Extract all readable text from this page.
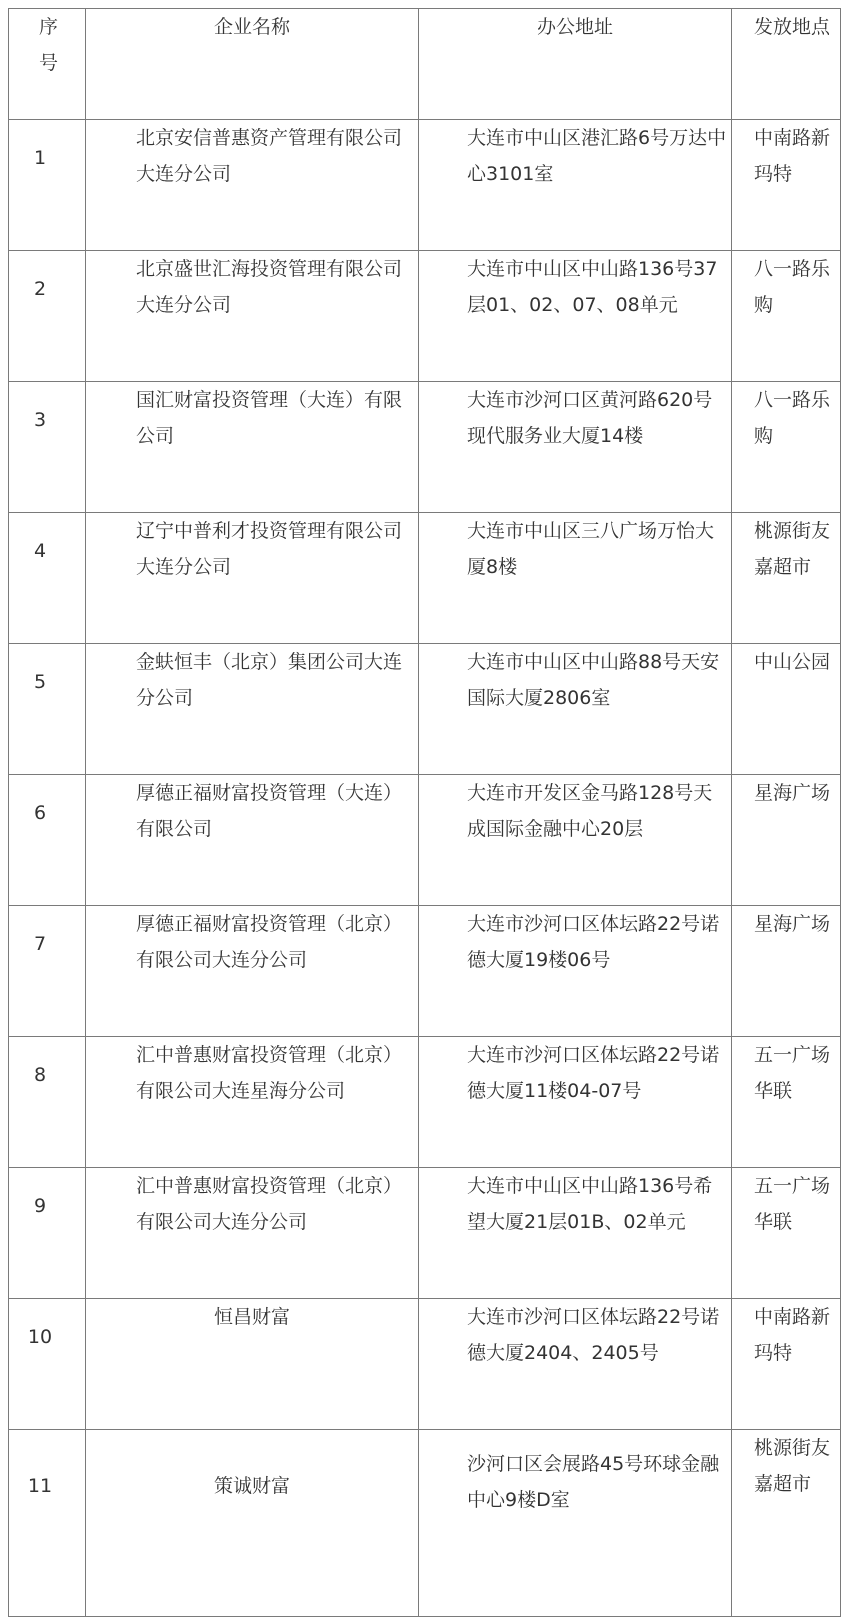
序号	企业名称	办公地址	发放地点
1	北京安信普惠资产管理有限公司大连分公司	大连市中山区港汇路6号万达中心3101室	中南路新玛特
2	北京盛世汇海投资管理有限公司大连分公司	大连市中山区中山路136号37层01、02、07、08单元	八一路乐购
3	国汇财富投资管理（大连）有限公司	大连市沙河口区黄河路620号现代服务业大厦14楼	八一路乐购
4	辽宁中普利才投资管理有限公司大连分公司	大连市中山区三八广场万怡大厦8楼	桃源街友嘉超市
5	金蚨恒丰（北京）集团公司大连分公司	大连市中山区中山路88号天安国际大厦2806室	中山公园
6	厚德正福财富投资管理（大连）有限公司	大连市开发区金马路128号天成国际金融中心20层	星海广场
7	厚德正福财富投资管理（北京）有限公司大连分公司	大连市沙河口区体坛路22号诺德大厦19楼06号	星海广场
8	汇中普惠财富投资管理（北京）有限公司大连星海分公司	大连市沙河口区体坛路22号诺德大厦11楼04-07号	五一广场华联
9	汇中普惠财富投资管理（北京）有限公司大连分公司	大连市中山区中山路136号希望大厦21层01B、02单元	五一广场华联
10	恒昌财富	大连市沙河口区体坛路22号诺德大厦2404、2405号	中南路新玛特
11	策诚财富	沙河口区会展路45号环球金融中心9楼D室	桃源街友嘉超市
